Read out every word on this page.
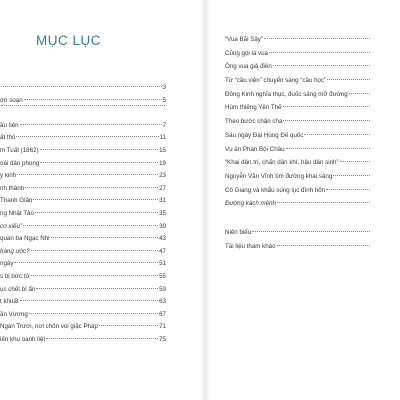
MỤC LỤC
3
ơn soạn	5
ầu tiên	7
ất thủ	11
m Tuất (1862)	15
oái dân phong	19
y kinh	23
nh thành	27
Thanh Giản	31
ng Nhật Tảo	35
cơ xiếu”	39
quan ba Ngạc Nhi	43
hàng ước?	47
ngày	51
s bị bức tử	55
ục chết bí ẩn	59
t khuất	63
ần Vương	67
Ngàn Trươi, nơi chôn vùi giặc Pháp	71
iến khu oanh liệt	75
“Vua Bãi Sậy”
Cũng gọi là vua
Ông vua giả điên
Từ “cầu viện” chuyển sang “cầu học”
Đông Kinh nghĩa thục, đuốc sáng mở đường
Hùm thiêng Yên Thế
Theo bước chân cha
Sáu ngày Đại Hùng Đế quốc
Vụ án Phan Bội Châu
“Khai dân trí, chấn dân khí, hậu dân sinh”
Nguyễn Văn Vĩnh tìm đường khai sáng
Cô Giang và khẩu súng lục đình hôn
Đường kách mệnh
Niên biểu
Tài liệu tham khảo
